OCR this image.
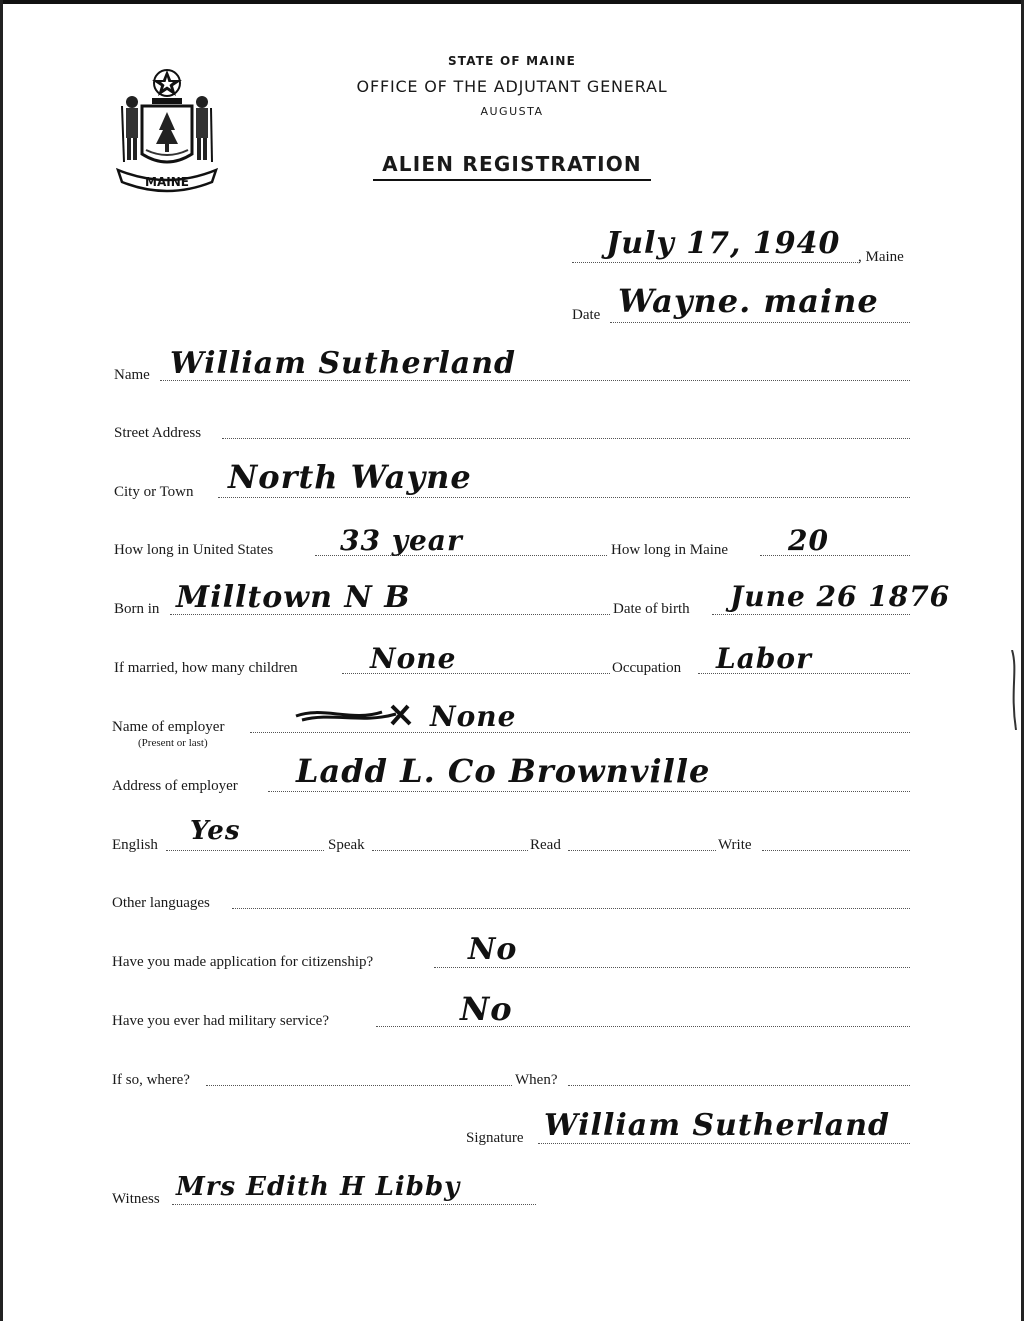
MAINE
STATE OF MAINE
OFFICE OF THE ADJUTANT GENERAL
AUGUSTA
ALIEN REGISTRATION
July 17, 1940 , Maine
Date Wayne. maine
Name William Sutherland
Street Address
City or Town North Wayne
How long in United States 33 year	How long in Maine 20
Born in Milltown N B	Date of birth June 26 1876
If married, how many children	None	Occupation Labor
Name of employer
(Present or last)
None
Address of employer Ladd L. Co Brownville
English Yes	Speak	Read	Write
Other languages
Have you made application for citizenship?	No
Have you ever had military service?	No
If so, where?	When?
Signature William Sutherland
Witness Mrs Edith H Libby
